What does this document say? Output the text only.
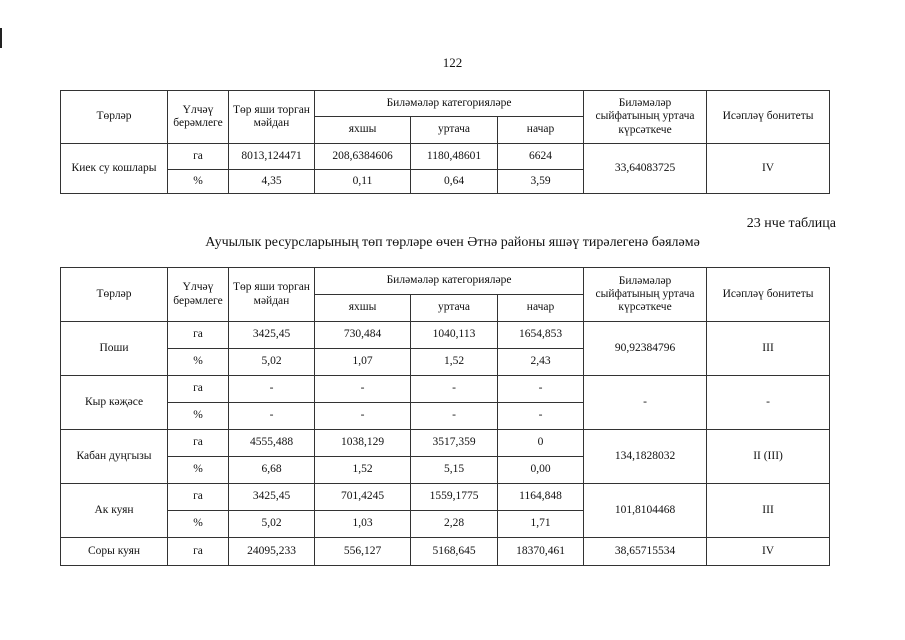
122
Төрләр	Үлчәү берәмлеге	Төр яши торган мәйдан	Биләмәләр категорияләре			Биләмәләр сыйфатының уртача күрсәткече	Исәпләү бонитеты
			яхшы	уртача	начар		
Киек су кошлары	га	8013,124471	208,6384606	1180,48601	6624	33,64083725	IV
	%	4,35	0,11	0,64	3,59		
23 нче таблица
Аучылык ресурсларының төп төрләре өчен Әтнә районы яшәү тирәлегенә бәяләмә
Төрләр	Үлчәү берәмлеге	Төр яши торган мәйдан	Биләмәләр категорияләре			Биләмәләр сыйфатының уртача күрсәткече	Исәпләү бонитеты
			яхшы	уртача	начар		
Поши	га	3425,45	730,484	1040,113	1654,853	90,92384796	III
	%	5,02	1,07	1,52	2,43		
Кыр кәҗәсе	га	-	-	-	-	-	-
	%	-	-	-	-		
Кабан дуңгызы	га	4555,488	1038,129	3517,359	0	134,1828032	II (III)
	%	6,68	1,52	5,15	0,00		
Ак куян	га	3425,45	701,4245	1559,1775	1164,848	101,8104468	III
	%	5,02	1,03	2,28	1,71		
Соры куян	га	24095,233	556,127	5168,645	18370,461	38,65715534	IV
